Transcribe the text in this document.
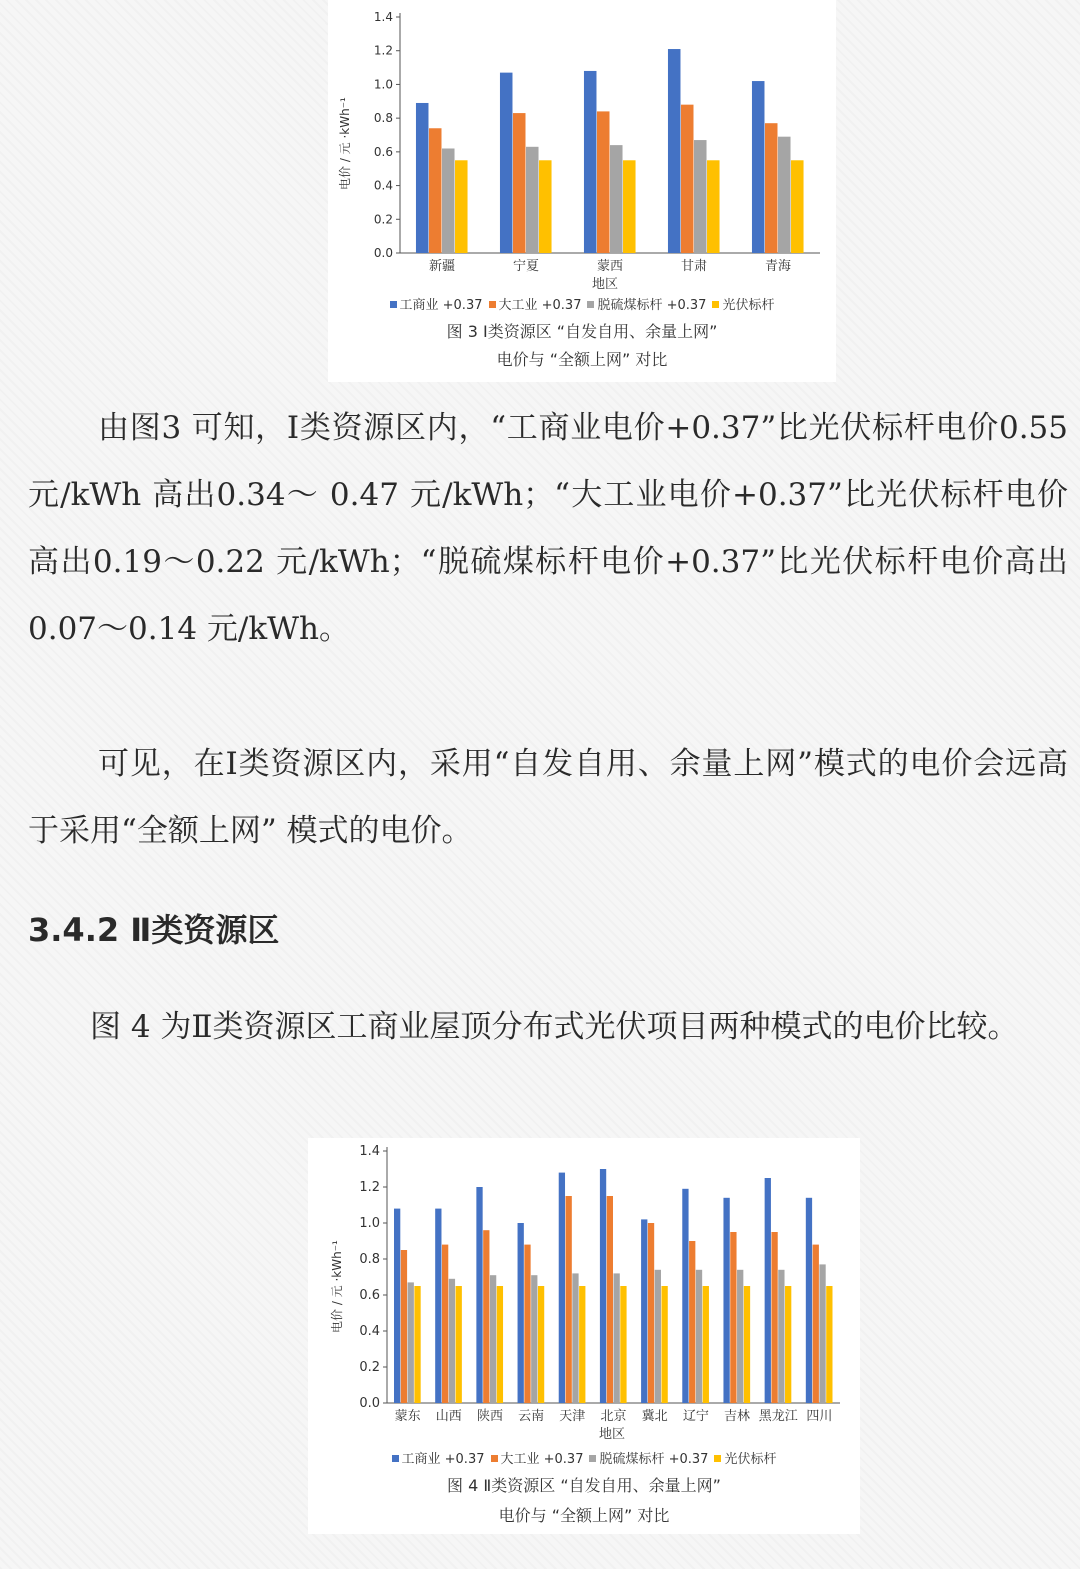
0.0
0.2
0.4
0.6
0.8
1.0
1.2
1.4
新疆	宁夏	蒙西	甘肃	青海
地区
电价 / 元 ·kWh⁻¹
工商业 +0.37 大工业 +0.37 脱硫煤标杆 +0.37 光伏标杆
图 3 Ⅰ类资源区 “自发自用、余量上网”
电价与 “全额上网” 对比

由图3 可知，Ⅰ类资源区内，“工商业电价+0.37”比光伏标杆电价0.55 元/kWh 高出0.34～ 0.47 元/kWh；“大工业电价+0.37”比光伏标杆电价高出0.19～0.22 元/kWh；“脱硫煤标杆电价+0.37”比光伏标杆电价高出0.07～0.14 元/kWh。

可见，在Ⅰ类资源区内，采用“自发自用、余量上网”模式的电价会远高于采用“全额上网” 模式的电价。

3.4.2 Ⅱ类资源区

图 4 为Ⅱ类资源区工商业屋顶分布式光伏项目两种模式的电价比较。

0.0
0.2
0.4
0.6
0.8
1.0
1.2
1.4
蒙东 山西 陕西 云南 天津 北京 冀北 辽宁 吉林 黑龙江 四川
地区
电价 / 元 ·kWh⁻¹
工商业 +0.37 大工业 +0.37 脱硫煤标杆 +0.37 光伏标杆
图 4 Ⅱ类资源区 “自发自用、余量上网”
电价与 “全额上网” 对比
